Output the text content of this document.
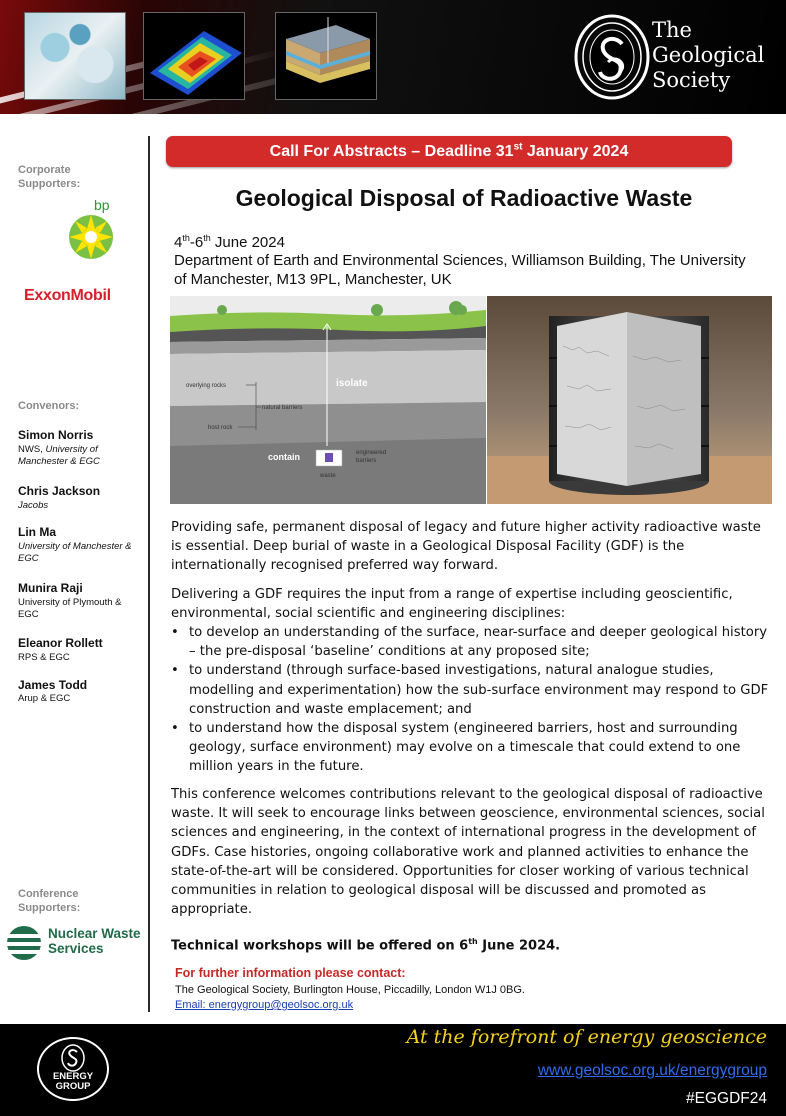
The
Geological
Society
Corporate
Supporters:
bp
ExxonMobil
Convenors:
Simon Norris
NWS, University of Manchester & EGC
Chris Jackson
Jacobs
Lin Ma
University of Manchester & EGC
Munira Raji
University of Plymouth & EGC
Eleanor Rollett
RPS & EGC
James Todd
Arup & EGC
Conference
Supporters:
Nuclear Waste
Services
Call For Abstracts – Deadline 31st January 2024
Geological Disposal of Radioactive Waste
4th-6th June 2024
Department of Earth and Environmental Sciences, Williamson Building, The University of Manchester, M13 9PL, Manchester, UK
isolate
overlying rocks
natural barriers
host rock
contain	engineered
barriers
waste
Providing safe, permanent disposal of legacy and future higher activity radioactive waste is essential. Deep burial of waste in a Geological Disposal Facility (GDF) is the internationally recognised preferred way forward.
Delivering a GDF requires the input from a range of expertise including geoscientific, environmental, social scientific and engineering disciplines:
• to develop an understanding of the surface, near-surface and deeper geological history – the pre-disposal ‘baseline’ conditions at any proposed site;
• to understand (through surface-based investigations, natural analogue studies, modelling and experimentation) how the sub-surface environment may respond to GDF construction and waste emplacement; and
• to understand how the disposal system (engineered barriers, host and surrounding geology, surface environment) may evolve on a timescale that could extend to one million years in the future.
This conference welcomes contributions relevant to the geological disposal of radioactive waste. It will seek to encourage links between geoscience, environmental sciences, social sciences and engineering, in the context of international progress in the development of GDFs. Case histories, ongoing collaborative work and planned activities to enhance the state-of-the-art will be considered. Opportunities for closer working of various technical communities in relation to geological disposal will be discussed and promoted as appropriate.
Technical workshops will be offered on 6th June 2024.
For further information please contact:
The Geological Society, Burlington House, Piccadilly, London W1J 0BG.
Email: energygroup@geolsoc.org.uk
ENERGY
GROUP
At the forefront of energy geoscience
www.geolsoc.org.uk/energygroup
#EGGDF24
